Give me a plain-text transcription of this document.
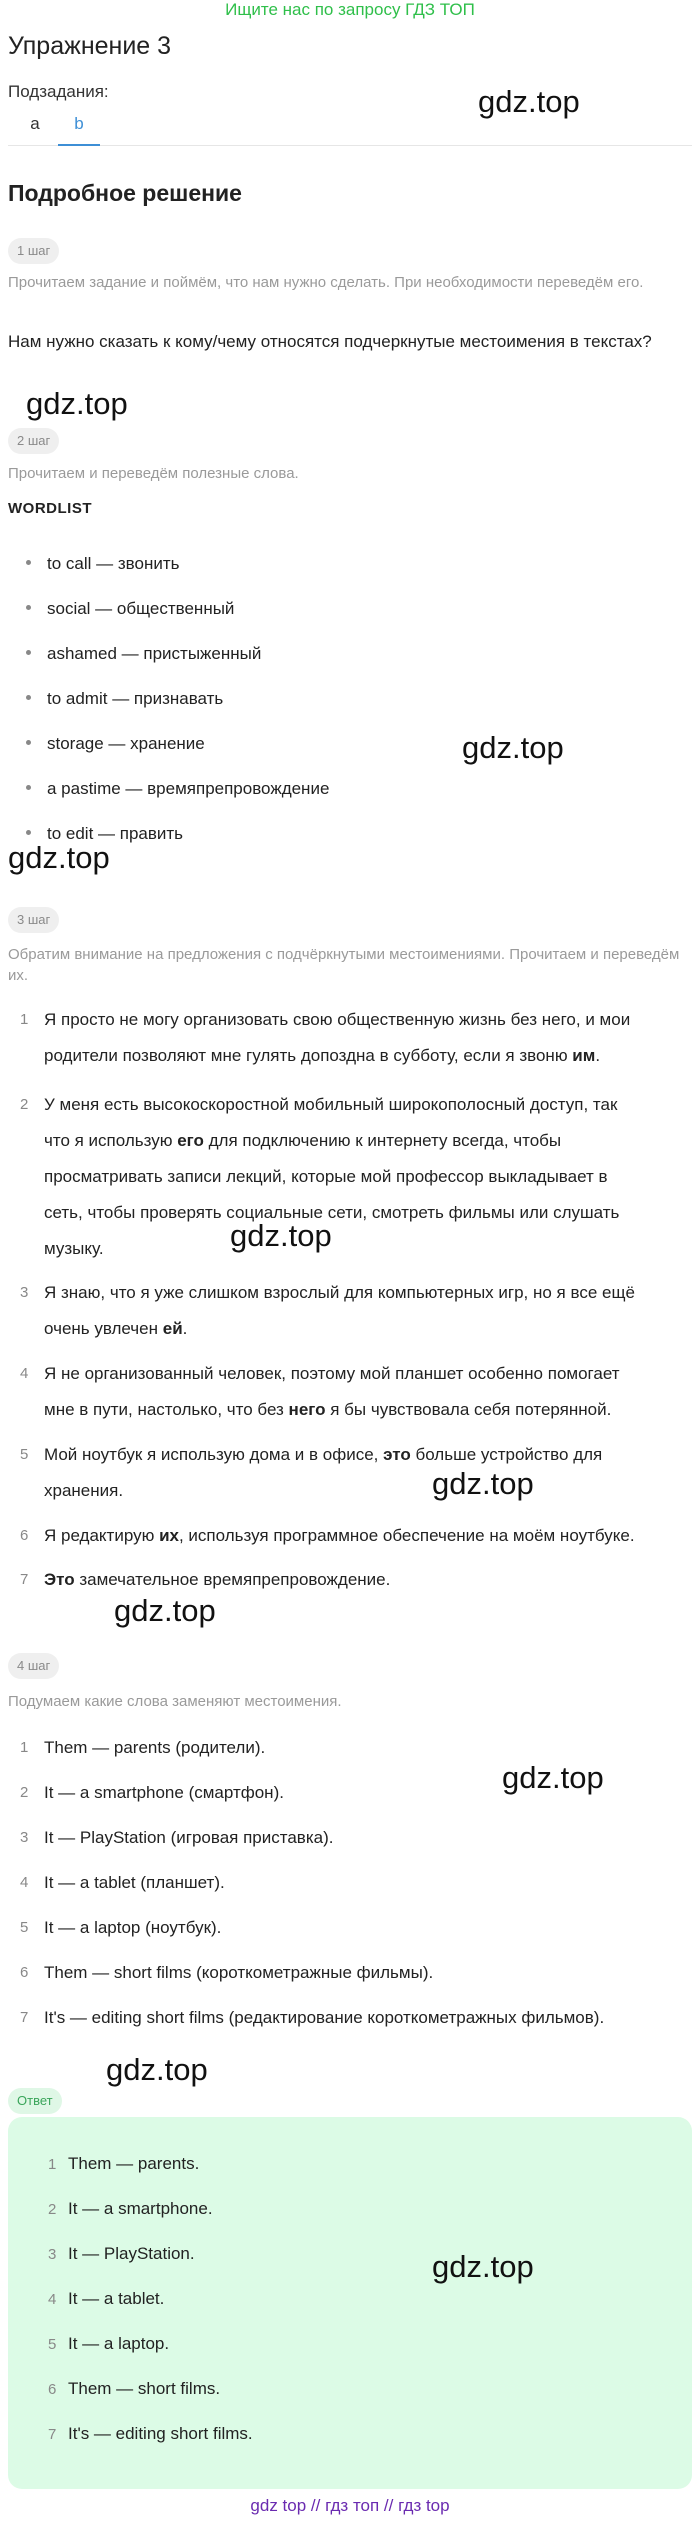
Ищите нас по запросу ГДЗ ТОП
Упражнение 3
Подзадания:
a	b
gdz.top
Подробное решение
1 шаг
Прочитаем задание и поймём, что нам нужно сделать. При необходимости переведём его.
Нам нужно сказать к кому/чему относятся подчеркнутые местоимения в текстах?
gdz.top
2 шаг
Прочитаем и переведём полезные слова.
WORDLIST
to call — звонить
social — общественный
ashamed — пристыженный
to admit — признавать
storage — хранение
a pastime — времяпрепровождение
to edit — править
gdz.top
gdz.top
3 шаг
Обратим внимание на предложения с подчёркнутыми местоимениями. Прочитаем и переведём их.
1 Я просто не могу организовать свою общественную жизнь без него, и мои
родители позволяют мне гулять допоздна в субботу, если я звоню им.
2 У меня есть высокоскоростной мобильный широкополосный доступ, так
что я использую его для подключению к интернету всегда, чтобы
просматривать записи лекций, которые мой профессор выкладывает в
сеть, чтобы проверять социальные сети, смотреть фильмы или слушать
музыку.	gdz.top
3 Я знаю, что я уже слишком взрослый для компьютерных игр, но я все ещё
очень увлечен ей.
4 Я не организованный человек, поэтому мой планшет особенно помогает
мне в пути, настолько, что без него я бы чувствовала себя потерянной.
5 Мой ноутбук я использую дома и в офисе, это больше устройство для
хранения.	gdz.top
6 Я редактирую их, используя программное обеспечение на моём ноутбуке.
7 Это замечательное времяпрепровождение.
gdz.top
4 шаг
Подумаем какие слова заменяют местоимения.
1 Them — parents (родители).
2 It — a smartphone (смартфон).
3 It — PlayStation (игровая приставка).
4 It — a tablet (планшет).
5 It — a laptop (ноутбук).
6 Them — short films (короткометражные фильмы).
7 It's — editing short films (редактирование короткометражных фильмов).
gdz.top
gdz.top
Ответ
1 Them — parents.
2 It — a smartphone.
3 It — PlayStation.
4 It — a tablet.
5 It — a laptop.
6 Them — short films.
7 It's — editing short films.
gdz.top
gdz top // гдз топ // гдз top
